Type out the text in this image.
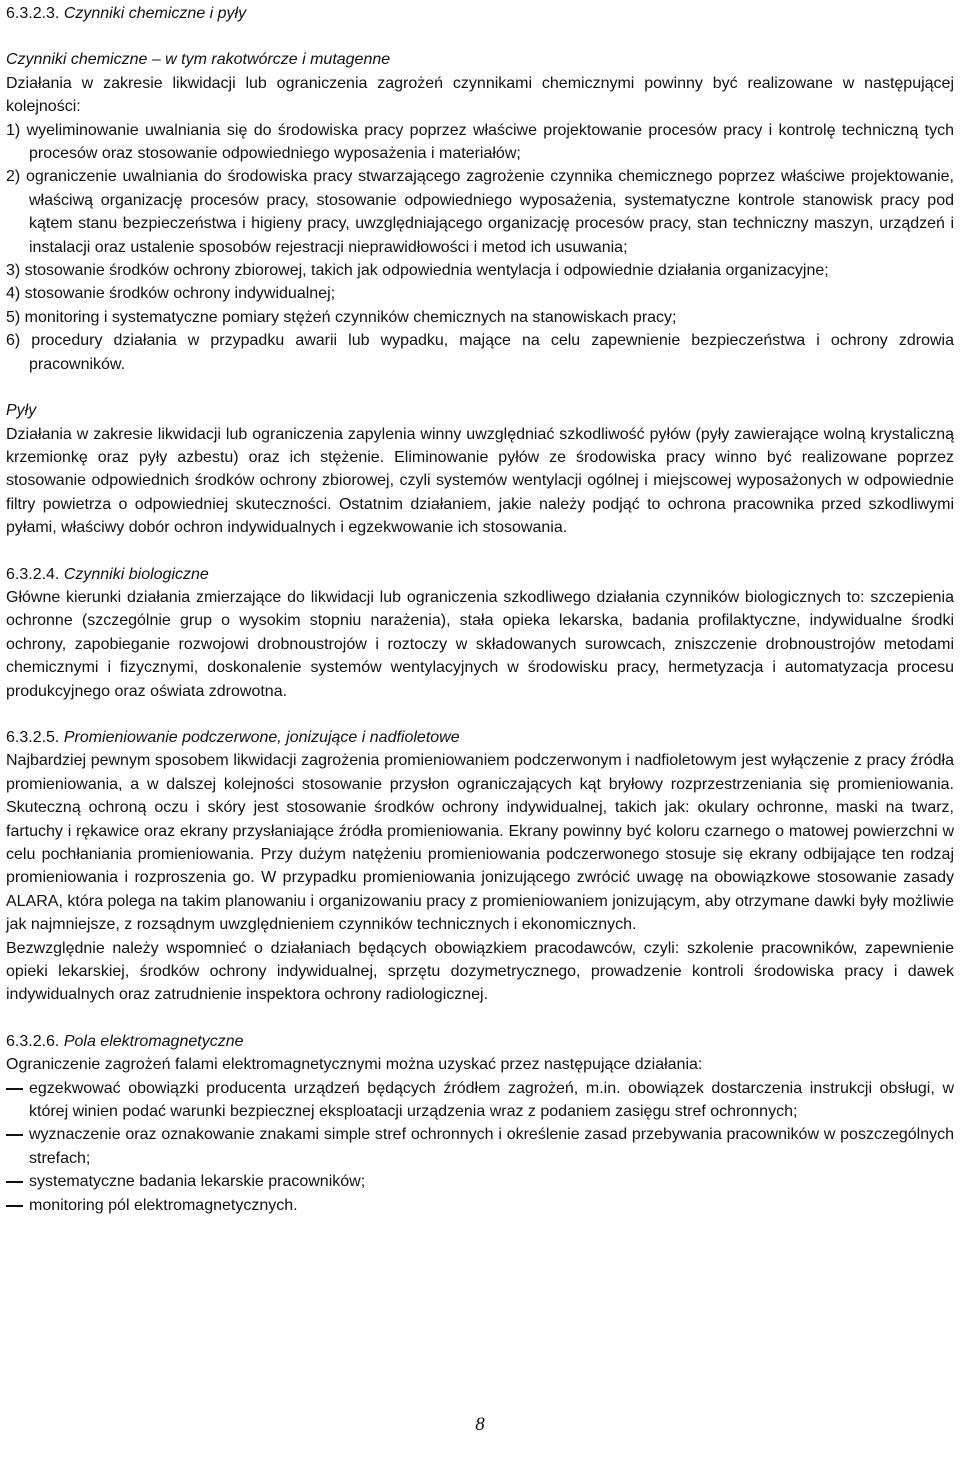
6.3.2.3. Czynniki chemiczne i pyły

Czynniki chemiczne – w tym rakotwórcze i mutagenne

Działania w zakresie likwidacji lub ograniczenia zagrożeń czynnikami chemicznymi powinny być realizowane w następującej kolejności:

1) wyeliminowanie uwalniania się do środowiska pracy poprzez właściwe projektowanie procesów pracy i kontrolę techniczną tych procesów oraz stosowanie odpowiedniego wyposażenia i materiałów;
2) ograniczenie uwalniania do środowiska pracy stwarzającego zagrożenie czynnika chemicznego poprzez właściwe projektowanie, właściwą organizację procesów pracy, stosowanie odpowiedniego wyposażenia, systematyczne kontrole stanowisk pracy pod kątem stanu bezpieczeństwa i higieny pracy, uwzględniającego organizację procesów pracy, stan techniczny maszyn, urządzeń i instalacji oraz ustalenie sposobów rejestracji nieprawidłowości i metod ich usuwania;
3) stosowanie środków ochrony zbiorowej, takich jak odpowiednia wentylacja i odpowiednie działania organizacyjne;
4) stosowanie środków ochrony indywidualnej;
5) monitoring i systematyczne pomiary stężeń czynników chemicznych na stanowiskach pracy;
6) procedury działania w przypadku awarii lub wypadku, mające na celu zapewnienie bezpieczeństwa i ochrony zdrowia pracowników.

Pyły

Działania w zakresie likwidacji lub ograniczenia zapylenia winny uwzględniać szkodliwość pyłów (pyły zawierające wolną krystaliczną krzemionkę oraz pyły azbestu) oraz ich stężenie. Eliminowanie pyłów ze środowiska pracy winno być realizowane poprzez stosowanie odpowiednich środków ochrony zbiorowej, czyli systemów wentylacji ogólnej i miejscowej wyposażonych w odpowiednie filtry powietrza o odpowiedniej skuteczności. Ostatnim działaniem, jakie należy podjąć to ochrona pracownika przed szkodliwymi pyłami, właściwy dobór ochron indywidualnych i egzekwowanie ich stosowania.

6.3.2.4. Czynniki biologiczne

Główne kierunki działania zmierzające do likwidacji lub ograniczenia szkodliwego działania czynników biologicznych to: szczepienia ochronne (szczególnie grup o wysokim stopniu narażenia), stała opieka lekarska, badania profilaktyczne, indywidualne środki ochrony, zapobieganie rozwojowi drobnoustrojów i roztoczy w składowanych surowcach, zniszczenie drobnoustrojów metodami chemicznymi i fizycznymi, doskonalenie systemów wentylacyjnych w środowisku pracy, hermetyzacja i automatyzacja procesu produkcyjnego oraz oświata zdrowotna.

6.3.2.5. Promieniowanie podczerwone, jonizujące i nadfioletowe

Najbardziej pewnym sposobem likwidacji zagrożenia promieniowaniem podczerwonym i nadfioletowym jest wyłączenie z pracy źródła promieniowania, a w dalszej kolejności stosowanie przysłon ograniczających kąt bryłowy rozprzestrzeniania się promieniowania. Skuteczną ochroną oczu i skóry jest stosowanie środków ochrony indywidualnej, takich jak: okulary ochronne, maski na twarz, fartuchy i rękawice oraz ekrany przysłaniające źródła promieniowania. Ekrany powinny być koloru czarnego o matowej powierzchni w celu pochłaniania promieniowania. Przy dużym natężeniu promieniowania podczerwonego stosuje się ekrany odbijające ten rodzaj promieniowania i rozproszenia go. W przypadku promieniowania jonizującego zwrócić uwagę na obowiązkowe stosowanie zasady ALARA, która polega na takim planowaniu i organizowaniu pracy z promieniowaniem jonizującym, aby otrzymane dawki były możliwie jak najmniejsze, z rozsądnym uwzględnieniem czynników technicznych i ekonomicznych.

Bezwzględnie należy wspomnieć o działaniach będących obowiązkiem pracodawców, czyli: szkolenie pracowników, zapewnienie opieki lekarskiej, środków ochrony indywidualnej, sprzętu dozymetrycznego, prowadzenie kontroli środowiska pracy i dawek indywidualnych oraz zatrudnienie inspektora ochrony radiologicznej.

6.3.2.6. Pola elektromagnetyczne

Ograniczenie zagrożeń falami elektromagnetycznymi można uzyskać przez następujące działania:

egzekwować obowiązki producenta urządzeń będących źródłem zagrożeń, m.in. obowiązek dostarczenia instrukcji obsługi, w której winien podać warunki bezpiecznej eksploatacji urządzenia wraz z podaniem zasięgu stref ochronnych;
wyznaczenie oraz oznakowanie znakami simple stref ochronnych i określenie zasad przebywania pracowników w poszczególnych strefach;
systematyczne badania lekarskie pracowników;
monitoring pól elektromagnetycznych.
8
